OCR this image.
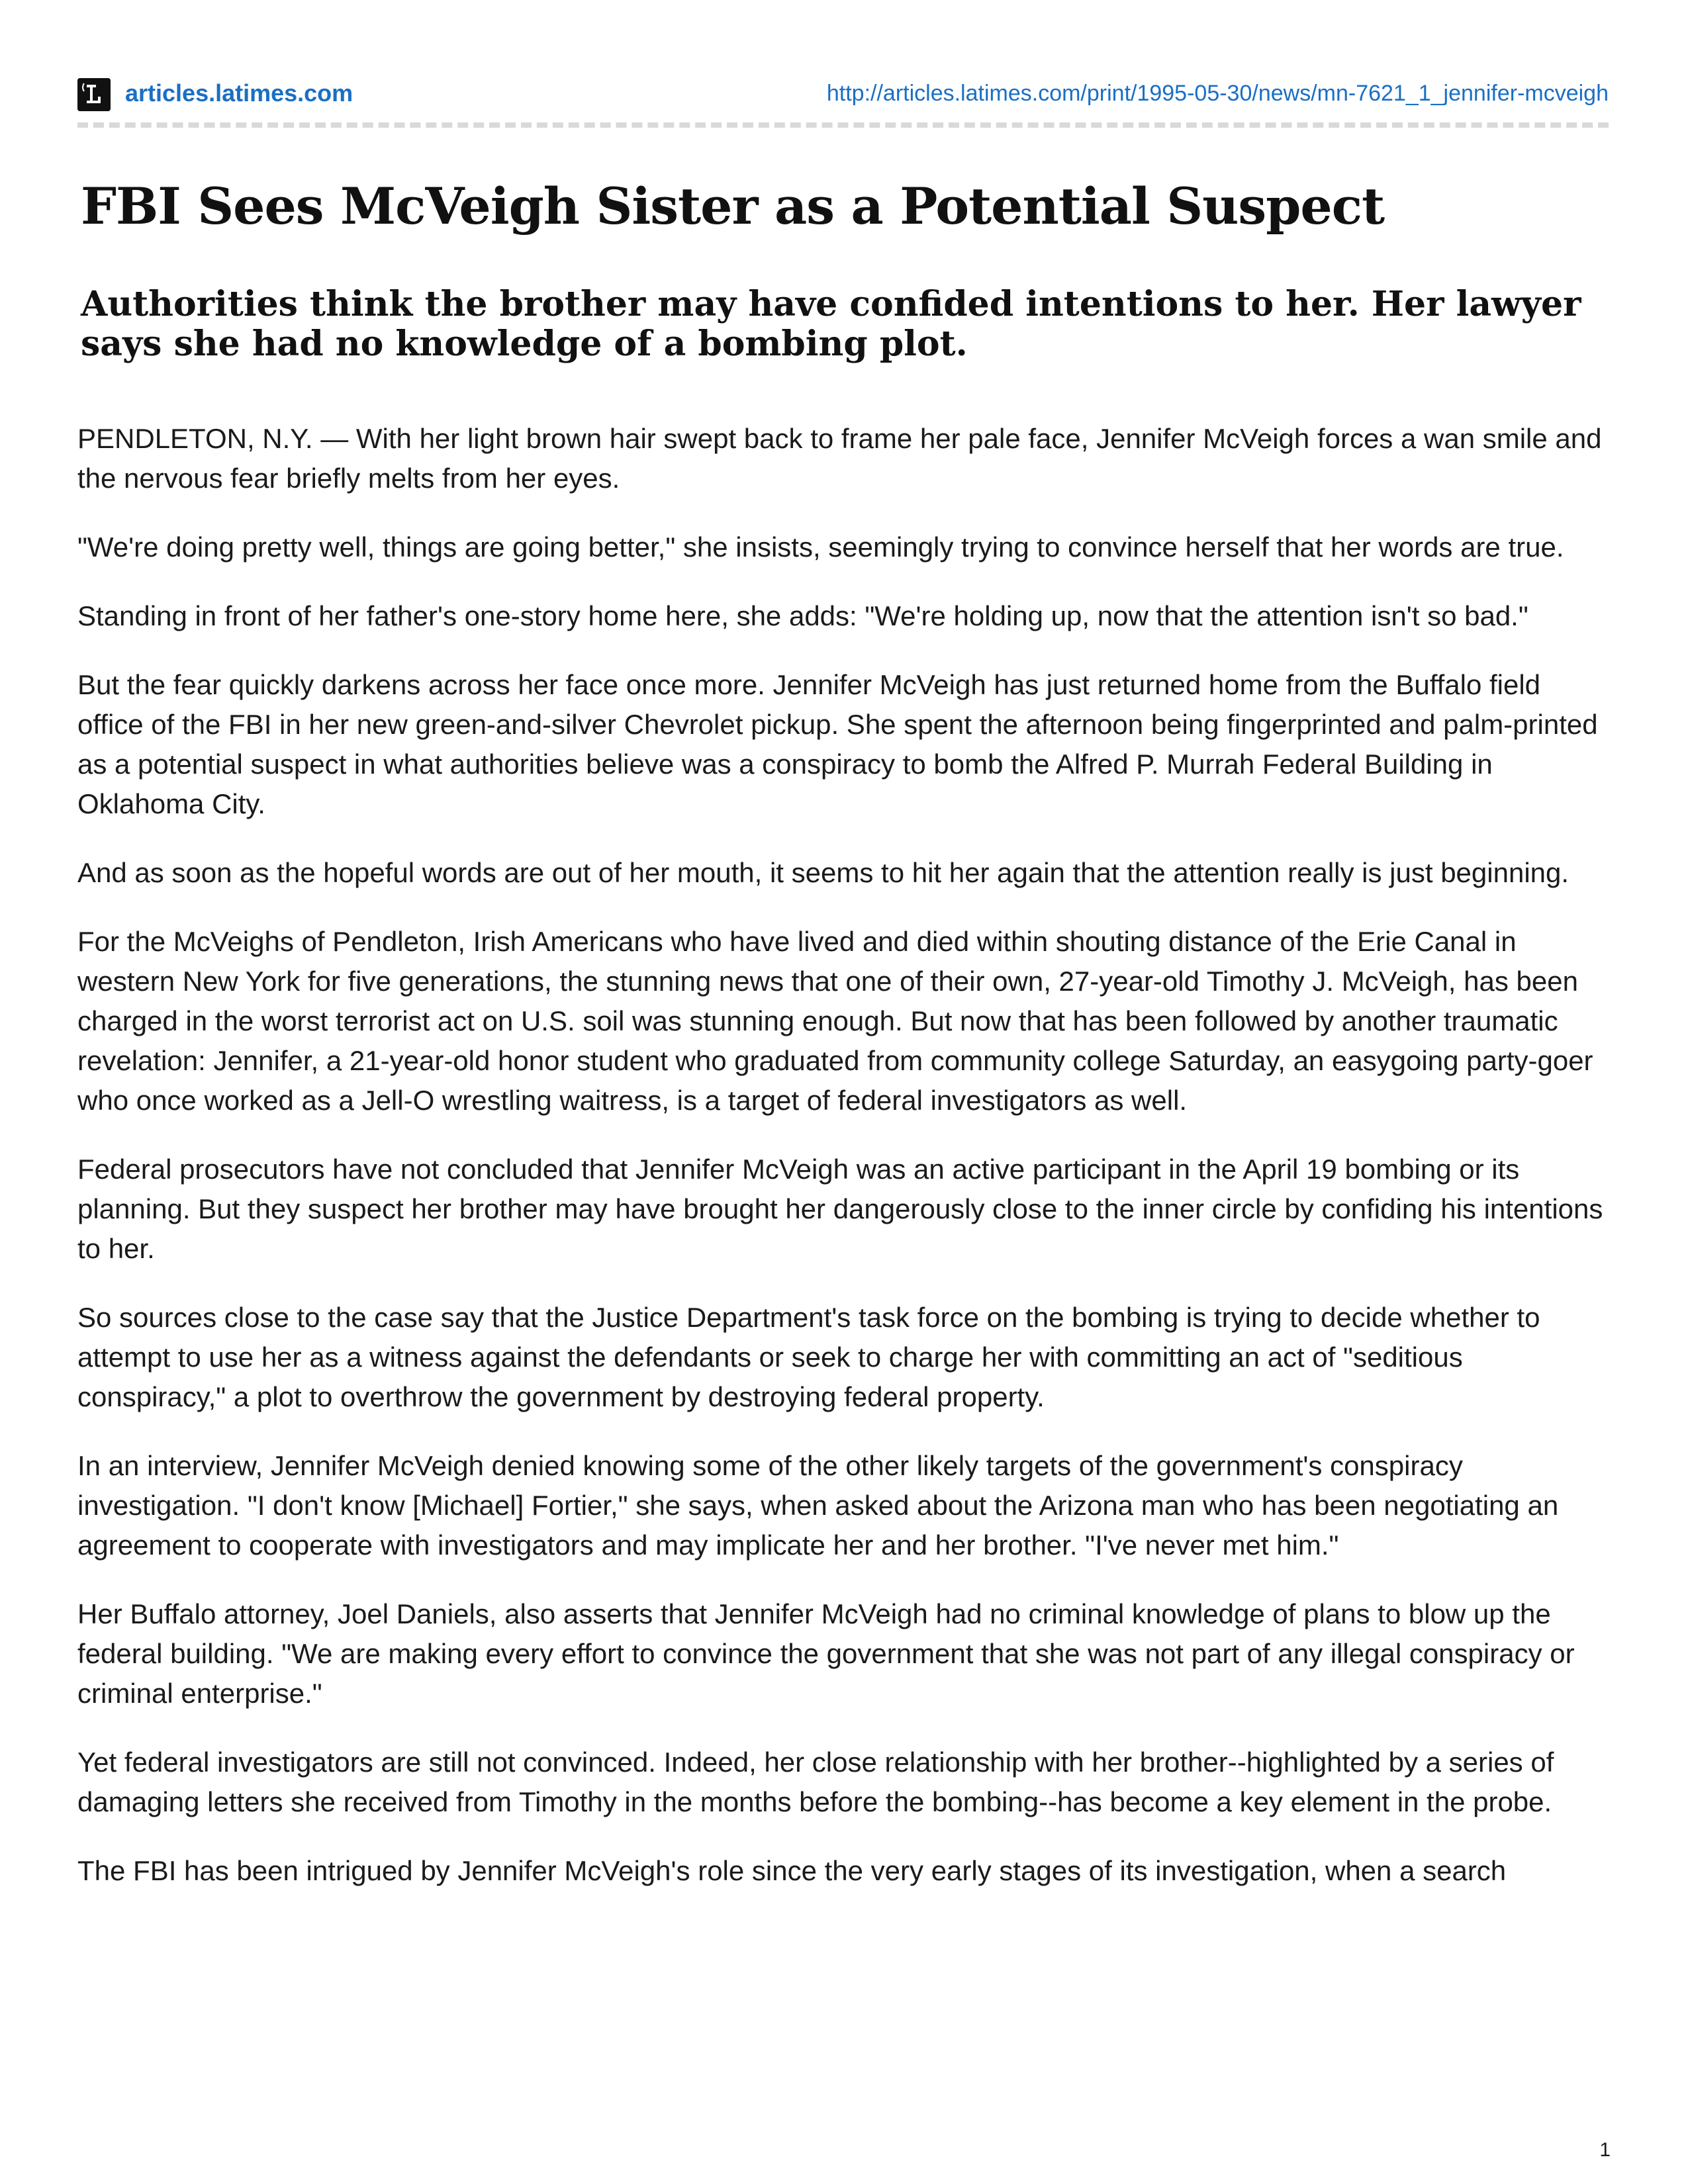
articles.latimes.com	http://articles.latimes.com/print/1995-05-30/news/mn-7621_1_jennifer-mcveigh
FBI Sees McVeigh Sister as a Potential Suspect
Authorities think the brother may have confided intentions to her. Her lawyer says she had no knowledge of a bombing plot.

PENDLETON, N.Y. — With her light brown hair swept back to frame her pale face, Jennifer McVeigh forces a wan smile and the nervous fear briefly melts from her eyes.

"We're doing pretty well, things are going better," she insists, seemingly trying to convince herself that her words are true.

Standing in front of her father's one-story home here, she adds: "We're holding up, now that the attention isn't so bad."

But the fear quickly darkens across her face once more. Jennifer McVeigh has just returned home from the Buffalo field office of the FBI in her new green-and-silver Chevrolet pickup. She spent the afternoon being fingerprinted and palm-printed as a potential suspect in what authorities believe was a conspiracy to bomb the Alfred P. Murrah Federal Building in Oklahoma City.

And as soon as the hopeful words are out of her mouth, it seems to hit her again that the attention really is just beginning.

For the McVeighs of Pendleton, Irish Americans who have lived and died within shouting distance of the Erie Canal in western New York for five generations, the stunning news that one of their own, 27-year-old Timothy J. McVeigh, has been charged in the worst terrorist act on U.S. soil was stunning enough. But now that has been followed by another traumatic revelation: Jennifer, a 21-year-old honor student who graduated from community college Saturday, an easygoing party-goer who once worked as a Jell-O wrestling waitress, is a target of federal investigators as well.

Federal prosecutors have not concluded that Jennifer McVeigh was an active participant in the April 19 bombing or its planning. But they suspect her brother may have brought her dangerously close to the inner circle by confiding his intentions to her.

So sources close to the case say that the Justice Department's task force on the bombing is trying to decide whether to attempt to use her as a witness against the defendants or seek to charge her with committing an act of "seditious conspiracy," a plot to overthrow the government by destroying federal property.

In an interview, Jennifer McVeigh denied knowing some of the other likely targets of the government's conspiracy investigation. "I don't know [Michael] Fortier," she says, when asked about the Arizona man who has been negotiating an agreement to cooperate with investigators and may implicate her and her brother. "I've never met him."

Her Buffalo attorney, Joel Daniels, also asserts that Jennifer McVeigh had no criminal knowledge of plans to blow up the federal building. "We are making every effort to convince the government that she was not part of any illegal conspiracy or criminal enterprise."

Yet federal investigators are still not convinced. Indeed, her close relationship with her brother--highlighted by a series of damaging letters she received from Timothy in the months before the bombing--has become a key element in the probe.

The FBI has been intrigued by Jennifer McVeigh's role since the very early stages of its investigation, when a search

1
